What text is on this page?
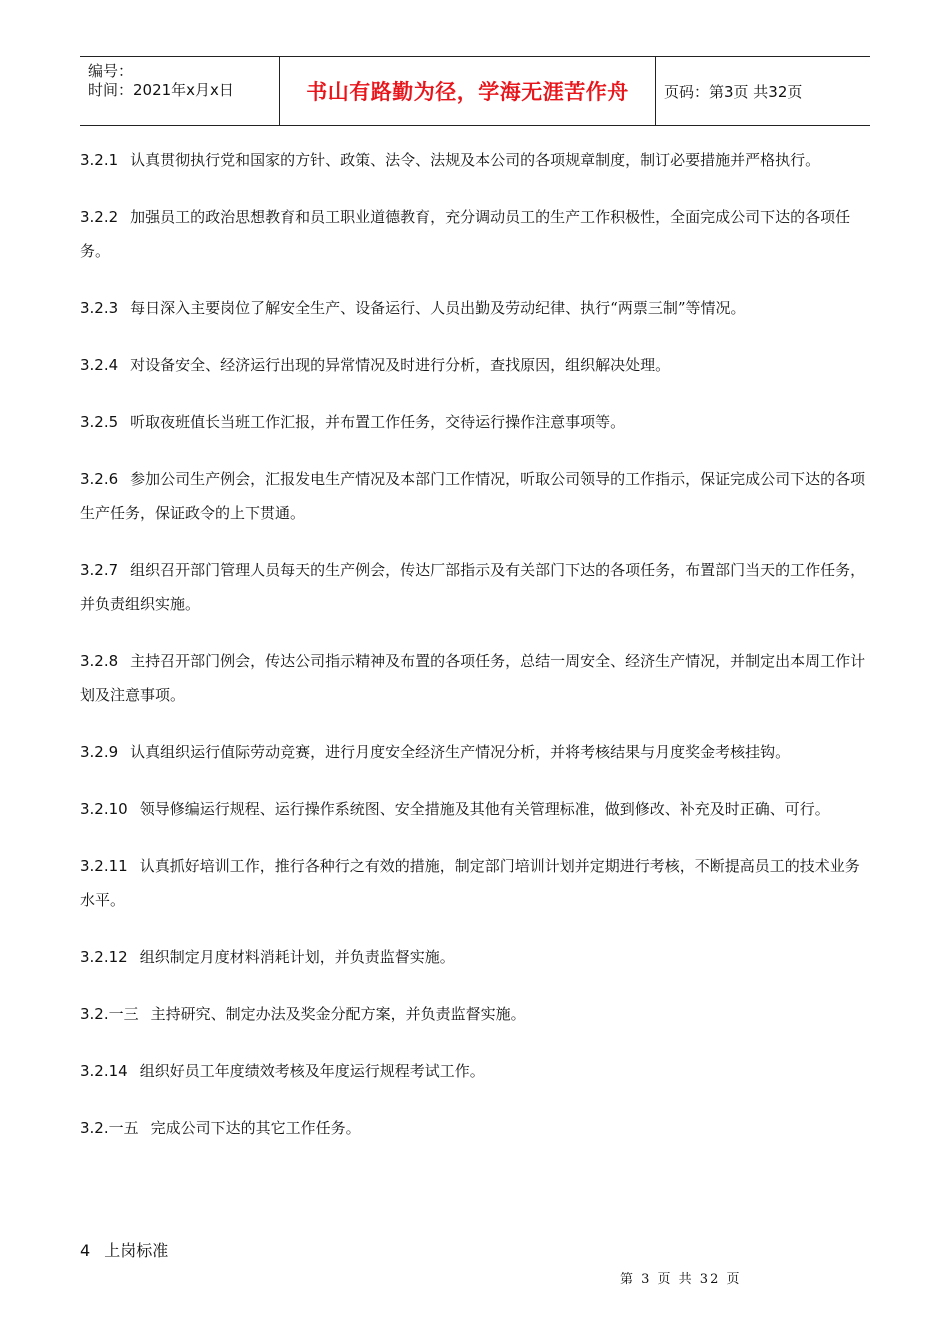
编号：
时间：2021年x月x日	书山有路勤为径，学海无涯苦作舟	页码：第3页 共32页

3.2.1 认真贯彻执行党和国家的方针、政策、法令、法规及本公司的各项规章制度，制订必要措施并严格执行。

3.2.2 加强员工的政治思想教育和员工职业道德教育，充分调动员工的生产工作积极性，全面完成公司下达的各项任务。

3.2.3 每日深入主要岗位了解安全生产、设备运行、人员出勤及劳动纪律、执行“两票三制”等情况。

3.2.4 对设备安全、经济运行出现的异常情况及时进行分析，查找原因，组织解决处理。

3.2.5 听取夜班值长当班工作汇报，并布置工作任务，交待运行操作注意事项等。

3.2.6 参加公司生产例会，汇报发电生产情况及本部门工作情况，听取公司领导的工作指示，保证完成公司下达的各项生产任务，保证政令的上下贯通。

3.2.7 组织召开部门管理人员每天的生产例会，传达厂部指示及有关部门下达的各项任务，布置部门当天的工作任务，并负责组织实施。

3.2.8 主持召开部门例会，传达公司指示精神及布置的各项任务，总结一周安全、经济生产情况，并制定出本周工作计划及注意事项。

3.2.9 认真组织运行值际劳动竞赛，进行月度安全经济生产情况分析，并将考核结果与月度奖金考核挂钩。

3.2.10 领导修编运行规程、运行操作系统图、安全措施及其他有关管理标准，做到修改、补充及时正确、可行。

3.2.11 认真抓好培训工作，推行各种行之有效的措施，制定部门培训计划并定期进行考核，不断提高员工的技术业务水平。

3.2.12 组织制定月度材料消耗计划，并负责监督实施。

3.2.一三 主持研究、制定办法及奖金分配方案，并负责监督实施。

3.2.14 组织好员工年度绩效考核及年度运行规程考试工作。

3.2.一五 完成公司下达的其它工作任务。

4 上岗标准
第 3 页 共 32 页
